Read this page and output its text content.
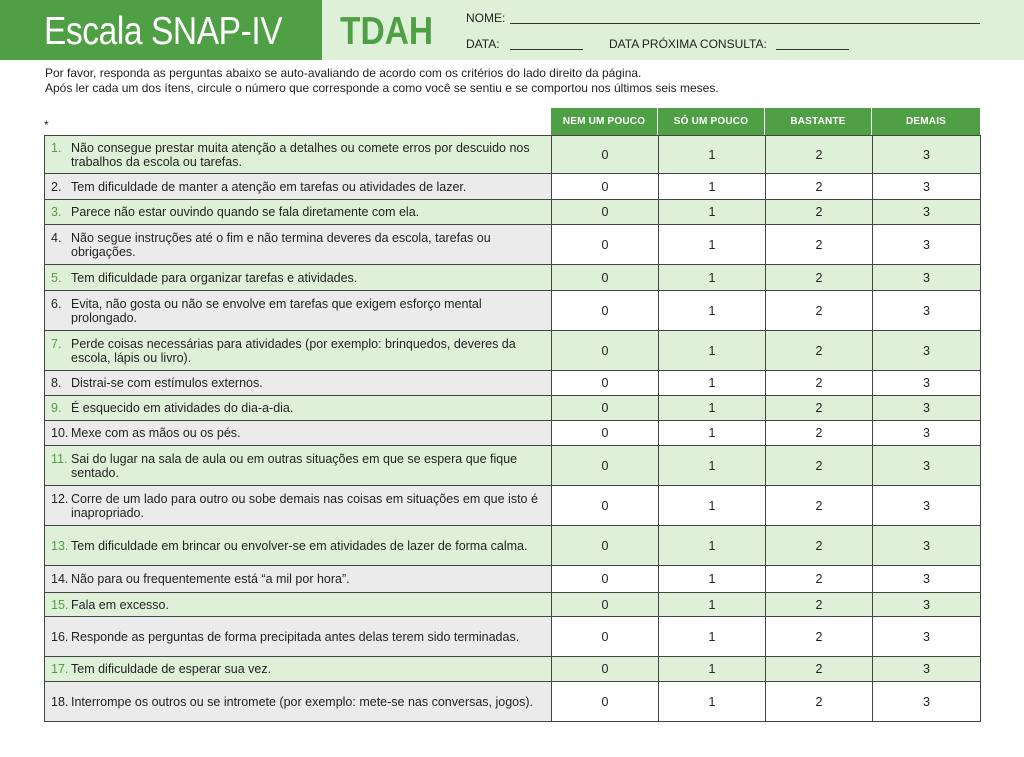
Escala SNAP-IV TDAH	NOME:
DATA:	DATA PRÓXIMA CONSULTA:
Por favor, responda as perguntas abaixo se auto-avaliando de acordo com os critérios do lado direito da página.
Após ler cada um dos ítens, circule o número que corresponde a como você se sentiu e se comportou nos últimos seis meses.
*	NEM UM POUCO	SÓ UM POUCO	BASTANTE	DEMAIS
1. Não consegue prestar muita atenção a detalhes ou comete erros por descuido nos trabalhos da escola ou tarefas.	0	1	2	3

2. Tem dificuldade de manter a atenção em tarefas ou atividades de lazer.	0	1	2	3

3. Parece não estar ouvindo quando se fala diretamente com ela.	0	1	2	3

4. Não segue instruções até o fim e não termina deveres da escola, tarefas ou obrigações.	0	1	2	3

5. Tem dificuldade para organizar tarefas e atividades.	0	1	2	3

6. Evita, não gosta ou não se envolve em tarefas que exigem esforço mental prolongado.	0	1	2	3

7. Perde coisas necessárias para atividades (por exemplo: brinquedos, deveres da escola, lápis ou livro).	0	1	2	3

8. Distrai-se com estímulos externos.	0	1	2	3

9. É esquecido em atividades do dia-a-dia.	0	1	2	3

10. Mexe com as mãos ou os pés.	0	1	2	3

11. Sai do lugar na sala de aula ou em outras situações em que se espera que fique sentado.	0	1	2	3

12. Corre de um lado para outro ou sobe demais nas coisas em situações em que isto é inapropriado.	0	1	2	3

13. Tem dificuldade em brincar ou envolver-se em atividades de lazer de forma calma.	0	1	2	3

14. Não para ou frequentemente está “a mil por hora”.	0	1	2	3

15. Fala em excesso.	0	1	2	3

16. Responde as perguntas de forma precipitada antes delas terem sido terminadas.	0	1	2	3

17. Tem dificuldade de esperar sua vez.	0	1	2	3

18. Interrompe os outros ou se intromete (por exemplo: mete-se nas conversas, jogos).	0	1	2	3
